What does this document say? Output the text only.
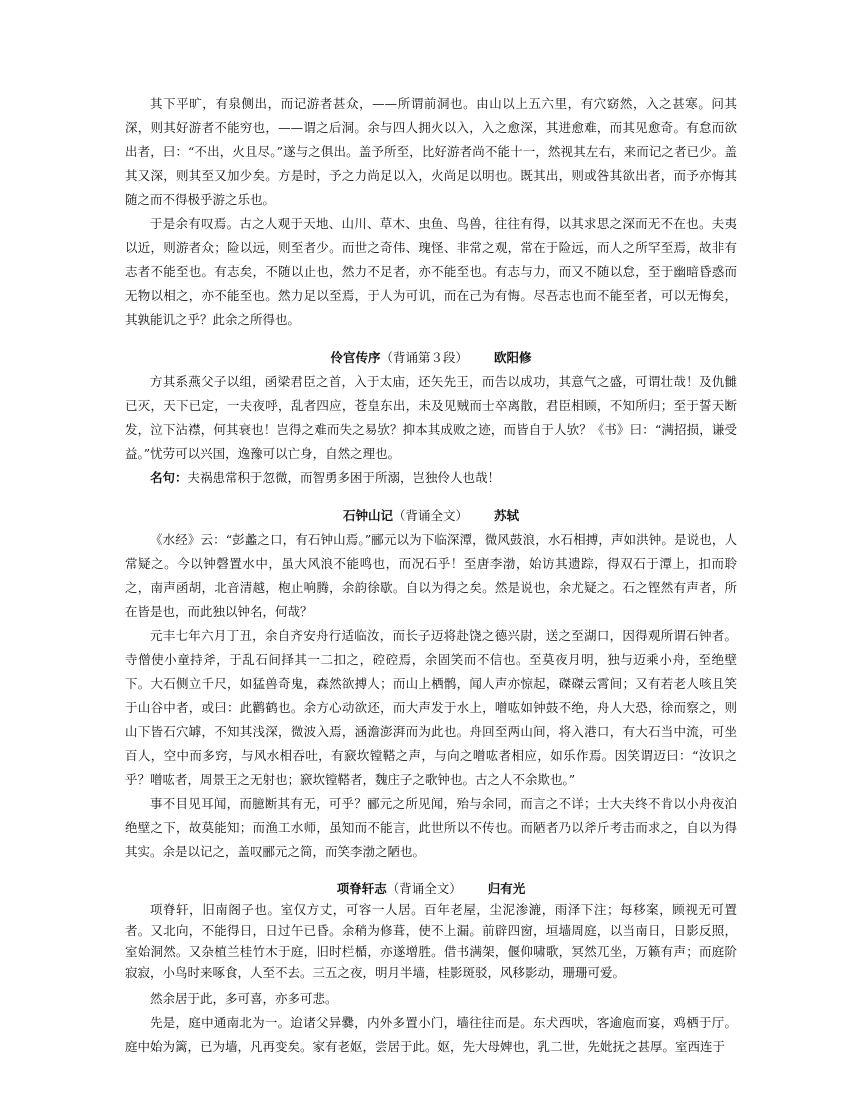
其下平旷，有泉侧出，而记游者甚众，——所谓前洞也。由山以上五六里，有穴窈然，入之甚寒。问其深，则其好游者不能穷也，——谓之后洞。余与四人拥火以入，入之愈深，其进愈难，而其见愈奇。有怠而欲出者，曰：“不出，火且尽。”遂与之俱出。盖予所至，比好游者尚不能十一，然视其左右，来而记之者已少。盖其又深，则其至又加少矣。方是时，予之力尚足以入，火尚足以明也。既其出，则或咎其欲出者，而予亦悔其随之而不得极乎游之乐也。

于是余有叹焉。古之人观于天地、山川、草木、虫鱼、鸟兽，往往有得，以其求思之深而无不在也。夫夷以近，则游者众；险以远，则至者少。而世之奇伟、瑰怪、非常之观，常在于险远，而人之所罕至焉，故非有志者不能至也。有志矣，不随以止也，然力不足者，亦不能至也。有志与力，而又不随以怠，至于幽暗昏惑而无物以相之，亦不能至也。然力足以至焉，于人为可讥，而在己为有悔。尽吾志也而不能至者，可以无悔矣，其孰能讥之乎？此余之所得也。

伶官传序（背诵第３段） 欧阳修

方其系燕父子以组，函梁君臣之首，入于太庙，还矢先王，而告以成功，其意气之盛，可谓壮哉！及仇雠已灭，天下已定，一夫夜呼，乱者四应，苍皇东出，未及见贼而士卒离散，君臣相顾，不知所归；至于誓天断发，泣下沾襟，何其衰也！岂得之难而失之易欤？抑本其成败之迹，而皆自于人欤？《书》曰：“满招损，谦受益。”忧劳可以兴国，逸豫可以亡身，自然之理也。

名句：夫祸患常积于忽微，而智勇多困于所溺，岂独伶人也哉！

石钟山记（背诵全文） 苏轼

《水经》云：“彭蠡之口，有石钟山焉。”郦元以为下临深潭，微风鼓浪，水石相搏，声如洪钟。是说也，人常疑之。今以钟磬置水中，虽大风浪不能鸣也，而况石乎！至唐李渤，始访其遗踪，得双石于潭上，扣而聆之，南声函胡，北音清越，枹止响腾，余韵徐歇。自以为得之矣。然是说也，余尤疑之。石之铿然有声者，所在皆是也，而此独以钟名，何哉？

元丰七年六月丁丑，余自齐安舟行适临汝，而长子迈将赴饶之德兴尉，送之至湖口，因得观所谓石钟者。寺僧使小童持斧，于乱石间择其一二扣之，硿硿焉，余固笑而不信也。至莫夜月明，独与迈乘小舟，至绝壁下。大石侧立千尺，如猛兽奇鬼，森然欲搏人；而山上栖鹘，闻人声亦惊起，磔磔云霄间；又有若老人咳且笑于山谷中者，或曰：此鹳鹤也。余方心动欲还，而大声发于水上，噌吰如钟鼓不绝，舟人大恐，徐而察之，则山下皆石穴罅，不知其浅深，微波入焉，涵澹澎湃而为此也。舟回至两山间，将入港口，有大石当中流，可坐百人，空中而多窍，与风水相吞吐，有窾坎镗鞳之声，与向之噌吰者相应，如乐作焉。因笑谓迈曰：“汝识之乎？噌吰者，周景王之无射也；窾坎镗鞳者，魏庄子之歌钟也。古之人不余欺也。”

事不目见耳闻，而臆断其有无，可乎？郦元之所见闻，殆与余同，而言之不详；士大夫终不肯以小舟夜泊绝壁之下，故莫能知；而渔工水师，虽知而不能言，此世所以不传也。而陋者乃以斧斤考击而求之，自以为得其实。余是以记之，盖叹郦元之简，而笑李渤之陋也。

项脊轩志（背诵全文） 归有光

项脊轩，旧南阁子也。室仅方丈，可容一人居。百年老屋，尘泥渗漉，雨泽下注；每移案，顾视无可置者。又北向，不能得日，日过午已昏。余稍为修葺，使不上漏。前辟四窗，垣墙周庭，以当南日，日影反照，室始洞然。又杂植兰桂竹木于庭，旧时栏楯，亦遂增胜。借书满架，偃仰啸歌，冥然兀坐，万籁有声；而庭阶寂寂，小鸟时来啄食，人至不去。三五之夜，明月半墙，桂影斑驳，风移影动，珊珊可爱。

然余居于此，多可喜，亦多可悲。

先是，庭中通南北为一。迨诸父异爨，内外多置小门，墙往往而是。东犬西吠，客逾庖而宴，鸡栖于厅。庭中始为篱，已为墙，凡再变矣。家有老妪，尝居于此。妪，先大母婢也，乳二世，先妣抚之甚厚。室西连于
